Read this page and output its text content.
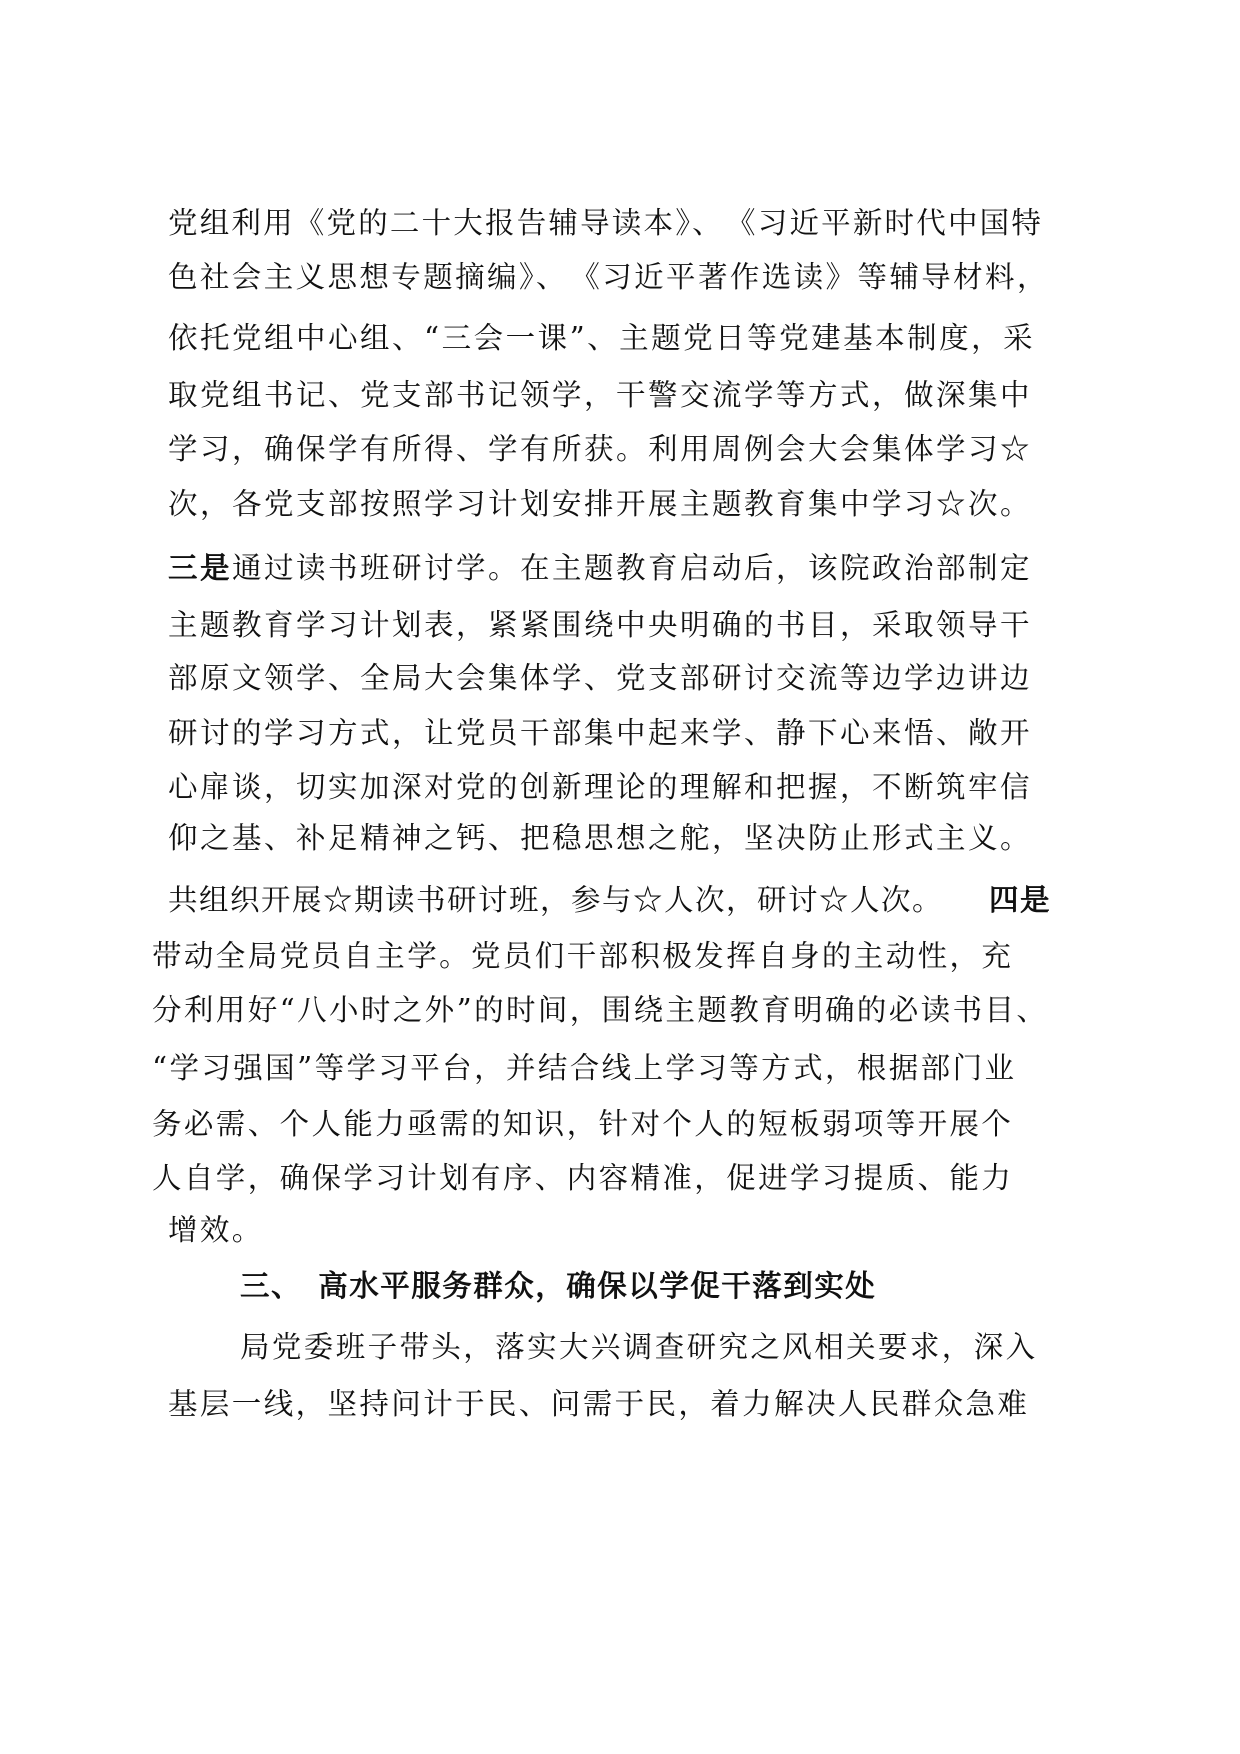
党组利用《党的二十大报告辅导读本》、　《习近平新时代中国特
色社会主义思想专题摘编》、　《习近平著作选读》等辅导材料，
依托党组中心组、“三会一课”、主题党日等党建基本制度，采
取党组书记、党支部书记领学，干警交流学等方式，做深集中
学习，确保学有所得、学有所获。利用周例会大会集体学习☆
次，各党支部按照学习计划安排开展主题教育集中学习☆次。
三是通过读书班研讨学。在主题教育启动后，该院政治部制定
主题教育学习计划表，紧紧围绕中央明确的书目，采取领导干
部原文领学、全局大会集体学、党支部研讨交流等边学边讲边
研讨的学习方式，让党员干部集中起来学、静下心来悟、敞开
心扉谈，切实加深对党的创新理论的理解和把握，不断筑牢信
仰之基、补足精神之钙、把稳思想之舵，坚决防止形式主义。
共组织开展☆期读书研讨班，参与☆人次，研讨☆人次。 四是
带动全局党员自主学。党员们干部积极发挥自身的主动性，充
分利用好“八小时之外”的时间，围绕主题教育明确的必读书目、
“学习强国”等学习平台，并结合线上学习等方式，根据部门业
务必需、个人能力亟需的知识，针对个人的短板弱项等开展个
人自学，确保学习计划有序、内容精准，促进学习提质、能力
增效。
三、　高水平服务群众，确保以学促干落到实处
局党委班子带头，落实大兴调查研究之风相关要求，深入
基层一线，坚持问计于民、问需于民，着力解决人民群众急难
